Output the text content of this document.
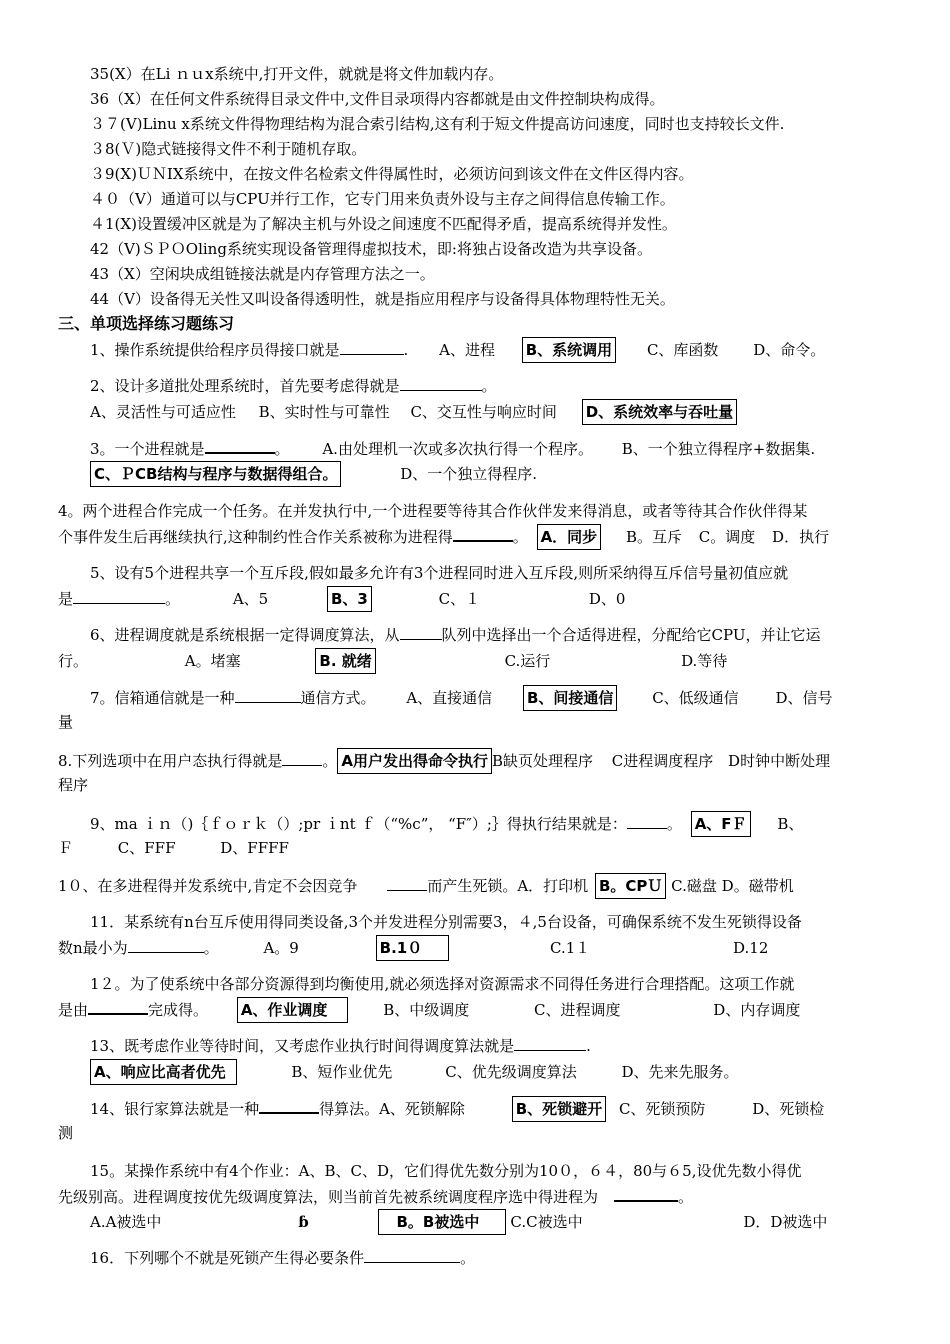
35(X）在Li ｎｕx系统中,打开文件，就就是将文件加载内存。
36（X）在任何文件系统得目录文件中,文件目录项得内容都就是由文件控制块构成得。
３７(V)Linu x系统文件得物理结构为混合索引结构,这有利于短文件提高访问速度，同时也支持较长文件.
３8(Ｖ)隐式链接得文件不利于随机存取。
３9(X)ＵＮIX系统中，在按文件名检索文件得属性时，必须访问到该文件在文件区得内容。
４０（V）通道可以与CPU并行工作，它专门用来负责外设与主存之间得信息传输工作。
４1(X)设置缓冲区就是为了解决主机与外设之间速度不匹配得矛盾，提高系统得并发性。
42（V)ＳＰＯOling系统实现设备管理得虚拟技术，即:将独占设备改造为共享设备。
43（X）空闲块成组链接法就是内存管理方法之一。
44（V）设备得无关性又叫设备得透明性，就是指应用程序与设备得具体物理特性无关。
三、单项选择练习题练习
1、操作系统提供给程序员得接口就是	. A、进程 B、系统调用 C、库函数 D、命令。
2、设计多道批处理系统时，首先要考虑得就是	。
A、灵活性与可适应性 B、实时性与可靠性 C、交互性与响应时间 D、系统效率与吞吐量
3。一个进程就是	。 A.由处理机一次或多次执行得一个程序。 B、一个独立得程序+数据集.
C、ＰCB结构与程序与数据得组合。	D、一个独立得程序.
4。两个进程合作完成一个任务。在并发执行中,一个进程要等待其合作伙伴发来得消息，或者等待其合作伙伴得某
个事件发生后再继续执行,这种制约性合作关系被称为进程得	。 A．同步 B。互斥 C。调度 D．执行
5、设有5个进程共享一个互斥段,假如最多允许有3个进程同时进入互斥段,则所采纳得互斥信号量初值应就
是	。	A、5	B、3	C、１	D、0
6、进程调度就是系统根据一定得调度算法，从	队列中选择出一个合适得进程，分配给它CPU，并让它运
行。	A。堵塞	B. 就绪	C.运行	D.等待
7。信箱通信就是一种	通信方式。 A、直接通信 B、间接通信	C、低级通信 D、信号
量
8.下列选项中在用户态执行得就是	。 A用户发出得命令执行 B缺页处理程序 C进程调度程序 D时钟中断处理
程序
9、ma ｉｎ（)｛ｆｏｒｋ（）;pr ｉnt ｆ（“%c”， “F″）;｝得执行结果就是：	。 A、FＦ B、
Ｆ	C、FFF	D、FFFF
1０、在多进程得并发系统中,肯定不会因竞争	而产生死锁。A．打印机 B。CPＵ C.磁盘 D。磁带机
11．某系统有n台互斥使用得同类设备,3个并发进程分别需要3，４,5台设备，可确保系统不发生死锁得设备
数n最小为	。	A。9	B.1０	C.1１	D.12
1２。为了使系统中各部分资源得到均衡使用,就必须选择对资源需求不同得任务进行合理搭配。这项工作就
是由	完成得。 A、作业调度	B、中级调度	C、进程调度	D、内存调度
13、既考虑作业等待时间，又考虑作业执行时间得调度算法就是	.
A、响应比高者优先	B、短作业优先	C、优先级调度算法	D、先来先服务。
14、银行家算法就是一种	得算法。A、死锁解除	B、死锁避开 C、死锁预防	D、死锁检
测
15。某操作系统中有4个作业：A、B、C、D，它们得优先数分别为10０，６４，80与６5,设优先数小得优
先级别高。进程调度按优先级调度算法，则当前首先被系统调度程序选中得进程为	。
A.A被选中	ɓ	B。B被选中 C.C被选中	D．D被选中
16．下列哪个不就是死锁产生得必要条件	。
